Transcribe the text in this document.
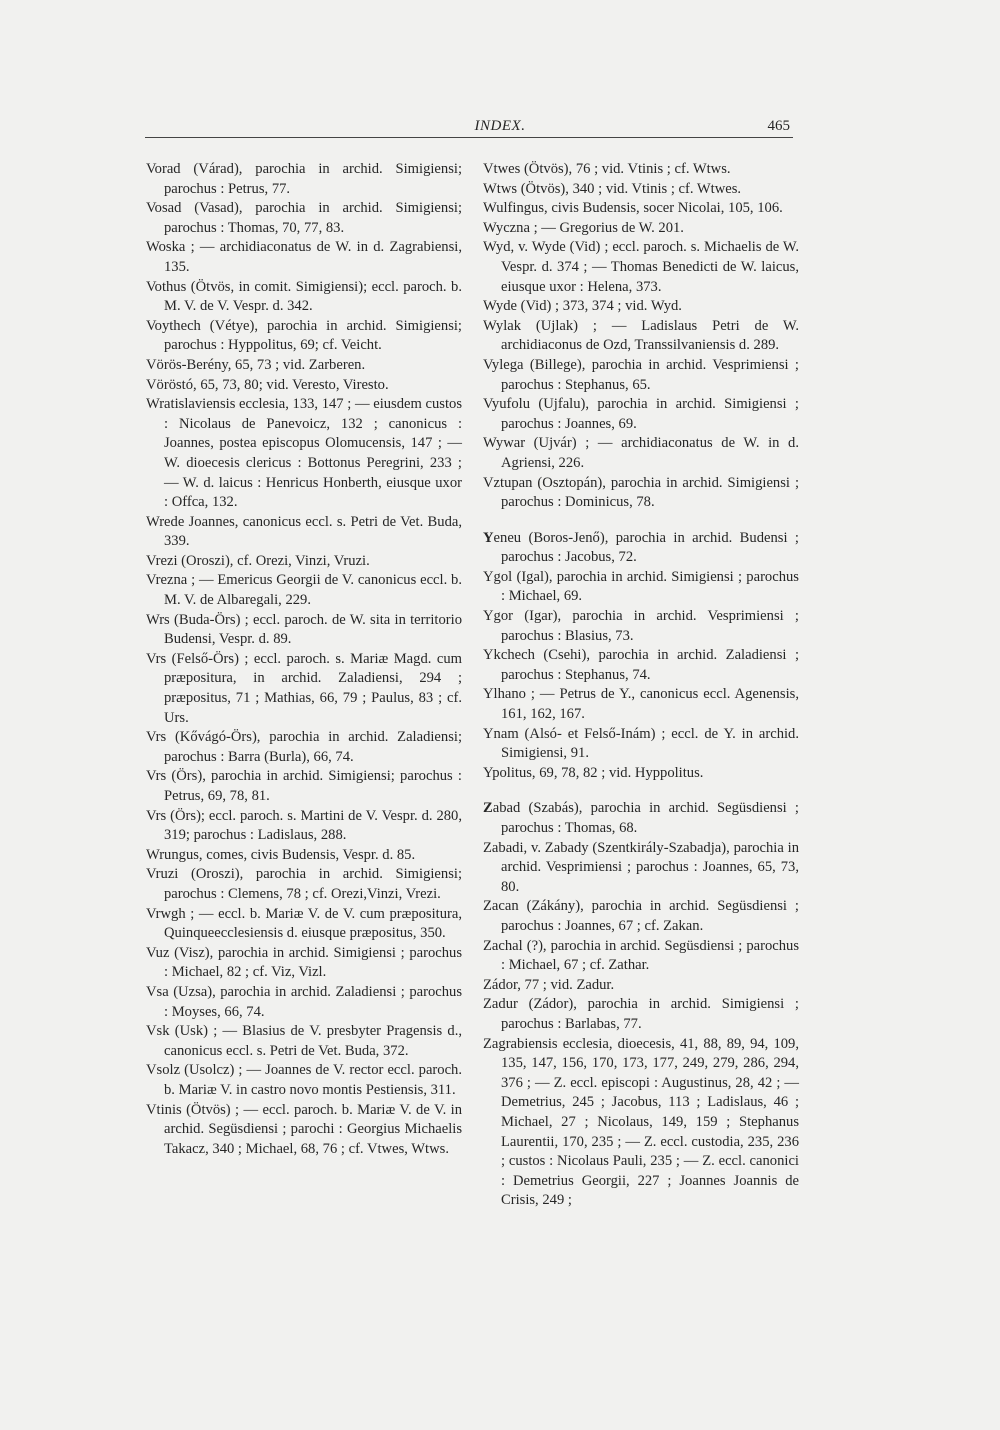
INDEX.	465

Vorad (Várad), parochia in archid. Simigiensi; parochus : Petrus, 77.

Vosad (Vasad), parochia in archid. Simigiensi; parochus : Thomas, 70, 77, 83.

Woska ; — archidiaconatus de W. in d. Zagrabiensi, 135.

Vothus (Ötvös, in comit. Simigiensi); eccl. paroch. b. M. V. de V. Vespr. d. 342.

Voythech (Vétye), parochia in archid. Simigiensi; parochus : Hyppolitus, 69; cf. Veicht.

Vörös-Berény, 65, 73 ; vid. Zarberen.

Vöröstó, 65, 73, 80; vid. Veresto, Viresto.

Wratislaviensis ecclesia, 133, 147 ; — eiusdem custos : Nicolaus de Panevoicz, 132 ; canonicus : Joannes, postea episcopus Olomucensis, 147 ; — W. dioecesis clericus : Bottonus Peregrini, 233 ; — W. d. laicus : Henricus Honberth, eiusque uxor : Offca, 132.

Wrede Joannes, canonicus eccl. s. Petri de Vet. Buda, 339.

Vrezi (Oroszi), cf. Orezi, Vinzi, Vruzi.

Vrezna ; — Emericus Georgii de V. canonicus eccl. b. M. V. de Albaregali, 229.

Wrs (Buda-Örs) ; eccl. paroch. de W. sita in territorio Budensi, Vespr. d. 89.

Vrs (Felső-Örs) ; eccl. paroch. s. Mariæ Magd. cum præpositura, in archid. Zaladiensi, 294 ; præpositus, 71 ; Mathias, 66, 79 ; Paulus, 83 ; cf. Urs.

Vrs (Kővágó-Örs), parochia in archid. Zaladiensi; parochus : Barra (Burla), 66, 74.

Vrs (Örs), parochia in archid. Simigiensi; parochus : Petrus, 69, 78, 81.

Vrs (Örs); eccl. paroch. s. Martini de V. Vespr. d. 280, 319; parochus : Ladislaus, 288.

Wrungus, comes, civis Budensis, Vespr. d. 85.

Vruzi (Oroszi), parochia in archid. Simigiensi; parochus : Clemens, 78 ; cf. Orezi,Vinzi, Vrezi.

Vrwgh ; — eccl. b. Mariæ V. de V. cum præpositura, Quinqueecclesiensis d. eiusque præpositus, 350.

Vuz (Visz), parochia in archid. Simigiensi ; parochus : Michael, 82 ; cf. Viz, Vizl.

Vsa (Uzsa), parochia in archid. Zaladiensi ; parochus : Moyses, 66, 74.

Vsk (Usk) ; — Blasius de V. presbyter Pragensis d., canonicus eccl. s. Petri de Vet. Buda, 372.

Vsolz (Usolcz) ; — Joannes de V. rector eccl. paroch. b. Mariæ V. in castro novo montis Pestiensis, 311.

Vtinis (Ötvös) ; — eccl. paroch. b. Mariæ V. de V. in archid. Següsdiensi ; parochi : Georgius Michaelis Takacz, 340 ; Michael, 68, 76 ; cf. Vtwes, Wtws.

Vtwes (Ötvös), 76 ; vid. Vtinis ; cf. Wtws.

Wtws (Ötvös), 340 ; vid. Vtinis ; cf. Wtwes.

Wulfingus, civis Budensis, socer Nicolai, 105, 106.

Wyczna ; — Gregorius de W. 201.

Wyd, v. Wyde (Vid) ; eccl. paroch. s. Michaelis de W. Vespr. d. 374 ; — Thomas Benedicti de W. laicus, eiusque uxor : Helena, 373.

Wyde (Vid) ; 373, 374 ; vid. Wyd.

Wylak (Ujlak) ; — Ladislaus Petri de W. archidiaconus de Ozd, Transsilvaniensis d. 289.

Vylega (Billege), parochia in archid. Vesprimiensi ; parochus : Stephanus, 65.

Vyufolu (Ujfalu), parochia in archid. Simigiensi ; parochus : Joannes, 69.

Wywar (Ujvár) ; — archidiaconatus de W. in d. Agriensi, 226.

Vztupan (Osztopán), parochia in archid. Simigiensi ; parochus : Dominicus, 78.

Yeneu (Boros-Jenő), parochia in archid. Budensi ; parochus : Jacobus, 72.

Ygol (Igal), parochia in archid. Simigiensi ; parochus : Michael, 69.

Ygor (Igar), parochia in archid. Vesprimiensi ; parochus : Blasius, 73.

Ykchech (Csehi), parochia in archid. Zaladiensi ; parochus : Stephanus, 74.

Ylhano ; — Petrus de Y., canonicus eccl. Agenensis, 161, 162, 167.

Ynam (Alsó- et Felső-Inám) ; eccl. de Y. in archid. Simigiensi, 91.

Ypolitus, 69, 78, 82 ; vid. Hyppolitus.

Zabad (Szabás), parochia in archid. Següsdiensi ; parochus : Thomas, 68.

Zabadi, v. Zabady (Szentkirály-Szabadja), parochia in archid. Vesprimiensi ; parochus : Joannes, 65, 73, 80.

Zacan (Zákány), parochia in archid. Següsdiensi ; parochus : Joannes, 67 ; cf. Zakan.

Zachal (?), parochia in archid. Següsdiensi ; parochus : Michael, 67 ; cf. Zathar.

Zádor, 77 ; vid. Zadur.

Zadur (Zádor), parochia in archid. Simigiensi ; parochus : Barlabas, 77.

Zagrabiensis ecclesia, dioecesis, 41, 88, 89, 94, 109, 135, 147, 156, 170, 173, 177, 249, 279, 286, 294, 376 ; — Z. eccl. episcopi : Augustinus, 28, 42 ; — Demetrius, 245 ; Jacobus, 113 ; Ladislaus, 46 ; Michael, 27 ; Nicolaus, 149, 159 ; Stephanus Laurentii, 170, 235 ; — Z. eccl. custodia, 235, 236 ; custos : Nicolaus Pauli, 235 ; — Z. eccl. canonici : Demetrius Georgii, 227 ; Joannes Joannis de Crisis, 249 ;
